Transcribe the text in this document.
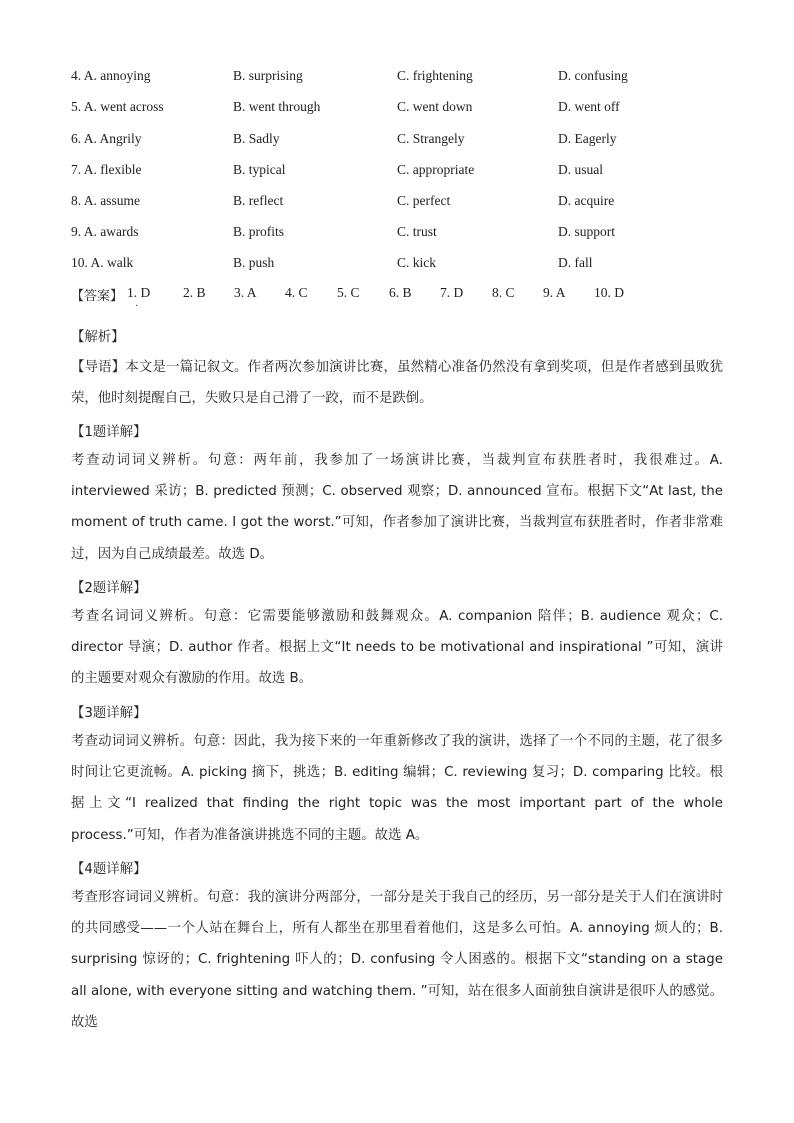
4. A. annoying	B. surprising	C. frightening	D. confusing
5. A. went across	B. went through	C. went down	D. went off
6. A. Angrily	B. Sadly	C. Strangely	D. Eagerly
7. A. flexible	B. typical	C. appropriate	D. usual
8. A. assume	B. reflect	C. perfect	D. acquire
9. A. awards	B. profits	C. trust	D. support
10. A. walk	B. push	C. kick	D. fall
【答案】 1. D
·
2. B 3. A 4. C 5. C 6. B 7. D 8. C 9. A 10. D
【解析】
【导语】本文是一篇记叙文。作者两次参加演讲比赛，虽然精心准备仍然没有拿到奖项，但是作者感到虽败犹荣，他时刻提醒自己，失败只是自己滑了一跤，而不是跌倒。
【1题详解】
考查动词词义辨析。句意：两年前，我参加了一场演讲比赛，当裁判宣布获胜者时，我很难过。A. interviewed 采访；B. predicted 预测；C. observed 观察；D. announced 宣布。根据下文“At last, the moment of truth came. I got the worst.”可知，作者参加了演讲比赛，当裁判宣布获胜者时，作者非常难过，因为自己成绩最差。故选 D。
【2题详解】
考查名词词义辨析。句意：它需要能够激励和鼓舞观众。A. companion 陪伴；B. audience 观众；C. director 导演；D. author 作者。根据上文“It needs to be motivational and inspirational ”可知，演讲的主题要对观众有激励的作用。故选 B。
【3题详解】
考查动词词义辨析。句意：因此，我为接下来的一年重新修改了我的演讲，选择了一个不同的主题，花了很多时间让它更流畅。A. picking 摘下，挑选；B. editing 编辑；C. reviewing 复习；D. comparing 比较。根据上文“I realized that finding the right topic was the most important part of the whole process.”可知，作者为准备演讲挑选不同的主题。故选 A。
【4题详解】
考查形容词词义辨析。句意：我的演讲分两部分，一部分是关于我自己的经历，另一部分是关于人们在演讲时的共同感受——一个人站在舞台上，所有人都坐在那里看着他们，这是多么可怕。A. annoying 烦人的；B. surprising 惊讶的；C. frightening 吓人的；D. confusing 令人困惑的。根据下文“standing on a stage all alone, with everyone sitting and watching them. ”可知，站在很多人面前独自演讲是很吓人的感觉。故选
